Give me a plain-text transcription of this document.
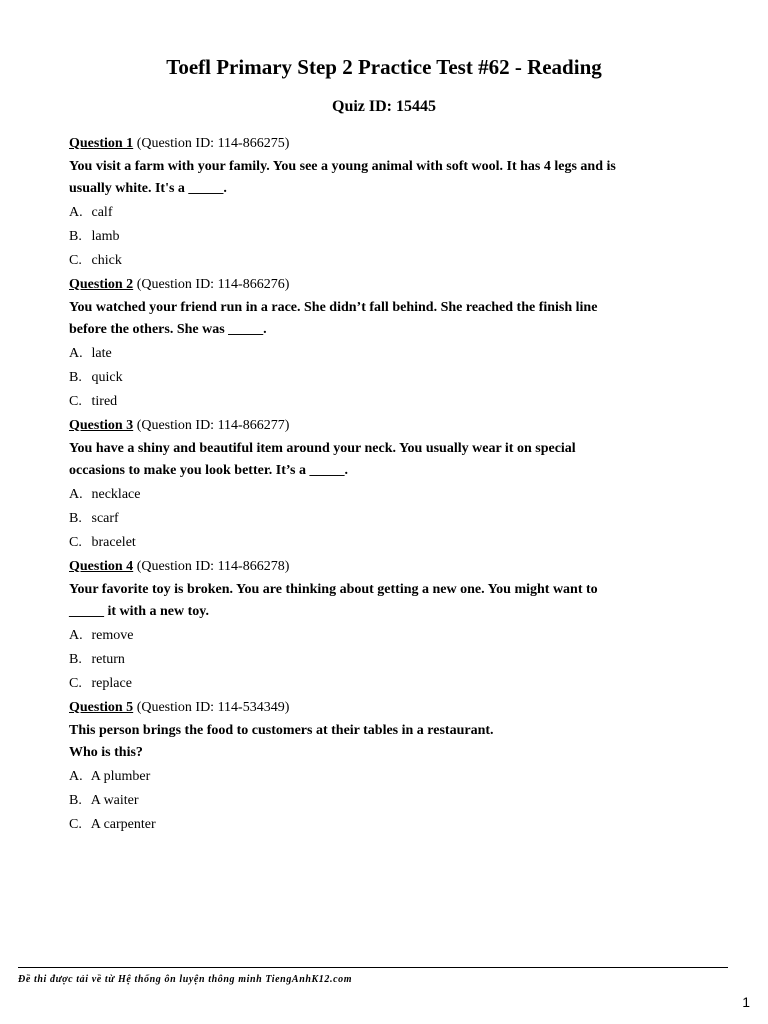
Toefl Primary Step 2 Practice Test #62 - Reading
Quiz ID: 15445
Question 1 (Question ID: 114-866275)
You visit a farm with your family. You see a young animal with soft wool. It has 4 legs and is
usually white. It's a _____.
A. calf
B. lamb
C. chick
Question 2 (Question ID: 114-866276)
You watched your friend run in a race. She didn’t fall behind. She reached the finish line
before the others. She was _____.
A. late
B. quick
C. tired
Question 3 (Question ID: 114-866277)
You have a shiny and beautiful item around your neck. You usually wear it on special
occasions to make you look better. It’s a _____.
A. necklace
B. scarf
C. bracelet
Question 4 (Question ID: 114-866278)
Your favorite toy is broken. You are thinking about getting a new one. You might want to
_____ it with a new toy.
A. remove
B. return
C. replace
Question 5 (Question ID: 114-534349)
This person brings the food to customers at their tables in a restaurant.
Who is this?
A. A plumber
B. A waiter
C. A carpenter
Đề thi được tải về từ Hệ thống ôn luyện thông minh TiengAnhK12.com
1
